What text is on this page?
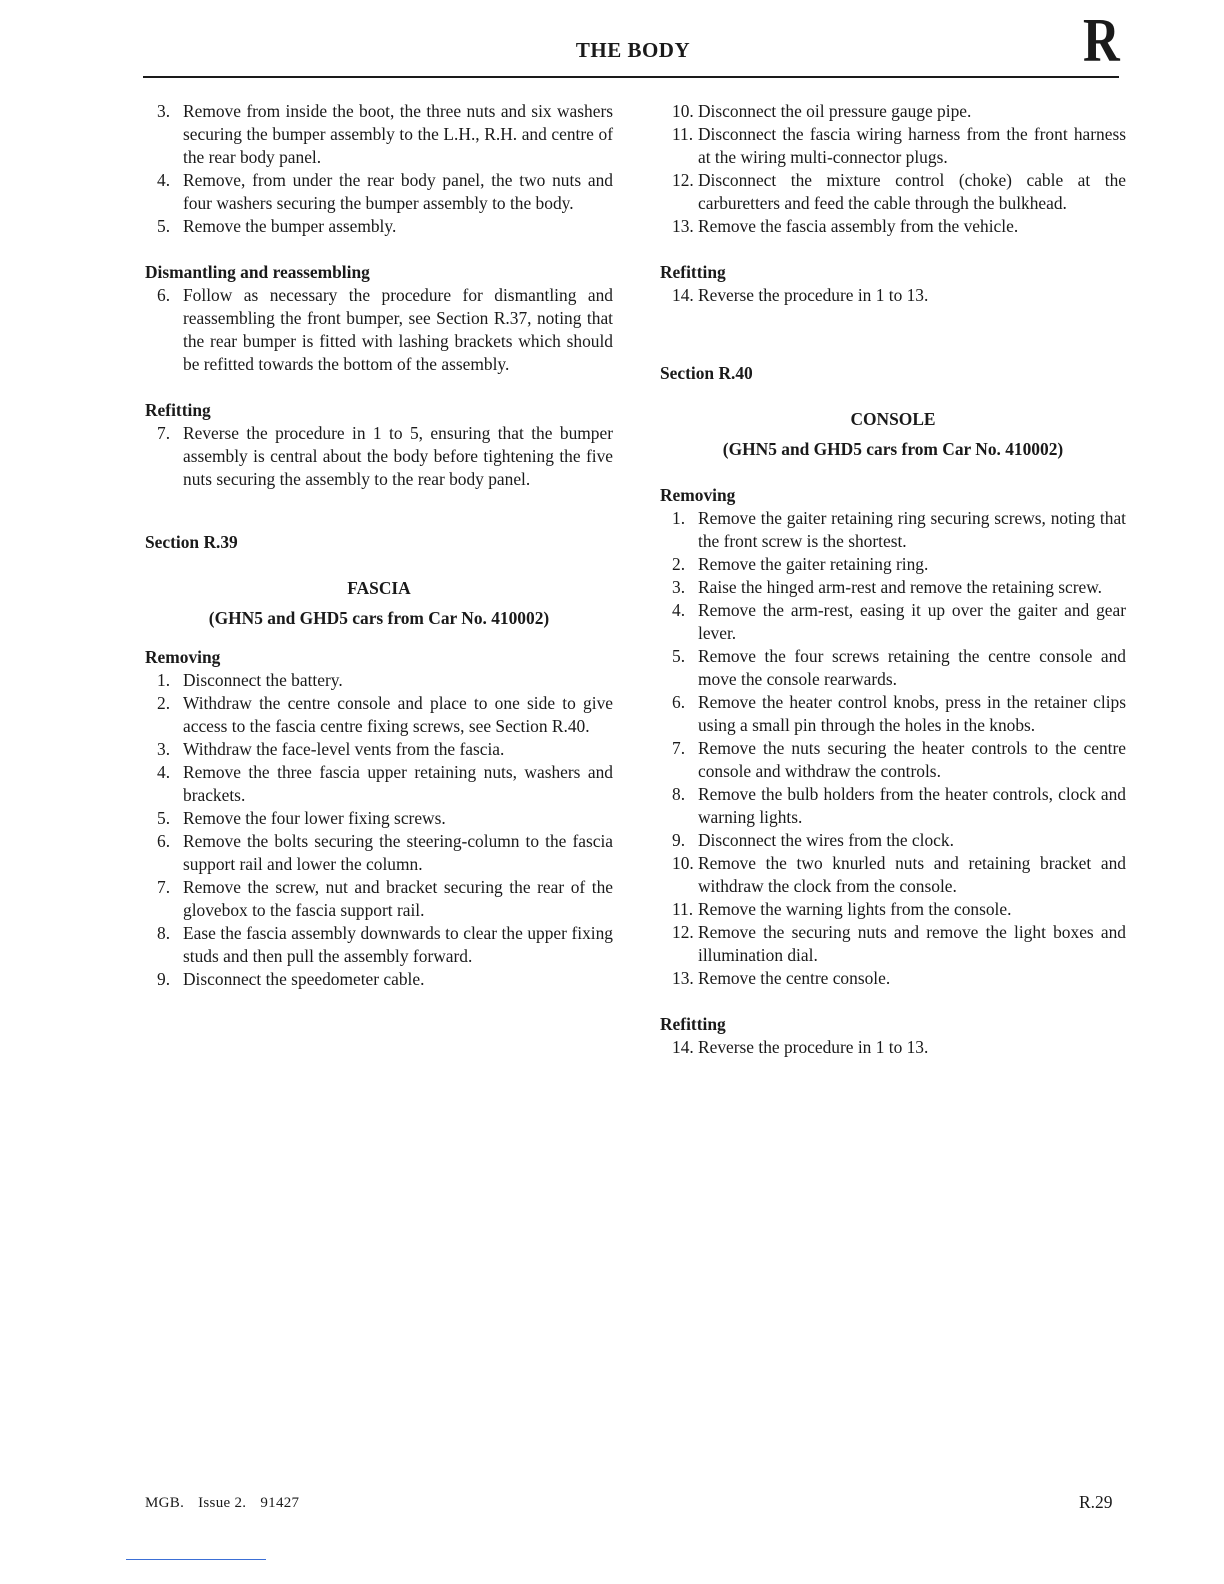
THE BODY	R
3. Remove from inside the boot, the three nuts and six washers securing the bumper assembly to the L.H., R.H. and centre of the rear body panel.
4. Remove, from under the rear body panel, the two nuts and four washers securing the bumper assembly to the body.
5. Remove the bumper assembly.
Dismantling and reassembling
6. Follow as necessary the procedure for dismantling and reassembling the front bumper, see Section R.37, noting that the rear bumper is fitted with lashing brackets which should be refitted towards the bottom of the assembly.
Refitting
7. Reverse the procedure in 1 to 5, ensuring that the bumper assembly is central about the body before tightening the five nuts securing the assembly to the rear body panel.
Section R.39
FASCIA
(GHN5 and GHD5 cars from Car No. 410002)
Removing
1. Disconnect the battery.
2. Withdraw the centre console and place to one side to give access to the fascia centre fixing screws, see Section R.40.
3. Withdraw the face-level vents from the fascia.
4. Remove the three fascia upper retaining nuts, washers and brackets.
5. Remove the four lower fixing screws.
6. Remove the bolts securing the steering-column to the fascia support rail and lower the column.
7. Remove the screw, nut and bracket securing the rear of the glovebox to the fascia support rail.
8. Ease the fascia assembly downwards to clear the upper fixing studs and then pull the assembly forward.
9. Disconnect the speedometer cable.
10. Disconnect the oil pressure gauge pipe.
11. Disconnect the fascia wiring harness from the front harness at the wiring multi-connector plugs.
12. Disconnect the mixture control (choke) cable at the carburetters and feed the cable through the bulkhead.
13. Remove the fascia assembly from the vehicle.
Refitting
14. Reverse the procedure in 1 to 13.
Section R.40
CONSOLE
(GHN5 and GHD5 cars from Car No. 410002)
Removing
1. Remove the gaiter retaining ring securing screws, noting that the front screw is the shortest.
2. Remove the gaiter retaining ring.
3. Raise the hinged arm-rest and remove the retaining screw.
4. Remove the arm-rest, easing it up over the gaiter and gear lever.
5. Remove the four screws retaining the centre console and move the console rearwards.
6. Remove the heater control knobs, press in the retainer clips using a small pin through the holes in the knobs.
7. Remove the nuts securing the heater controls to the centre console and withdraw the controls.
8. Remove the bulb holders from the heater controls, clock and warning lights.
9. Disconnect the wires from the clock.
10. Remove the two knurled nuts and retaining bracket and withdraw the clock from the console.
11. Remove the warning lights from the console.
12. Remove the securing nuts and remove the light boxes and illumination dial.
13. Remove the centre console.
Refitting
14. Reverse the procedure in 1 to 13.
MGB. Issue 2. 91427	R.29
